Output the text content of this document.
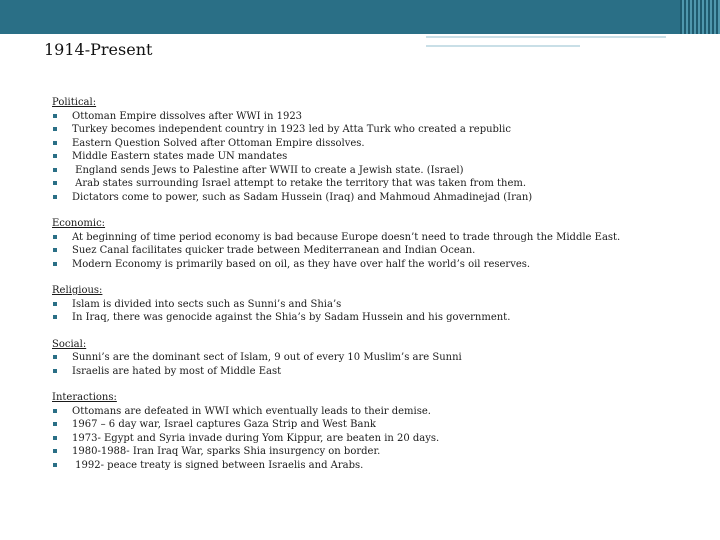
1914-Present
Political:
Ottoman Empire dissolves after WWI in 1923
Turkey becomes independent country in 1923 led by Atta Turk who created a republic
Eastern Question Solved after Ottoman Empire dissolves.
Middle Eastern states made UN mandates
England sends Jews to Palestine after WWII to create a Jewish state. (Israel)
Arab states surrounding Israel attempt to retake the territory that was taken from them.
Dictators come to power, such as Sadam Hussein (Iraq) and Mahmoud Ahmadinejad (Iran)
Economic:
At beginning of time period economy is bad because Europe doesn’t need to trade through the Middle East.
Suez Canal facilitates quicker trade between Mediterranean and Indian Ocean.
Modern Economy is primarily based on oil, as they have over half the world’s oil reserves.
Religious:
Islam is divided into sects such as Sunni’s and Shia’s
In Iraq, there was genocide against the Shia’s by Sadam Hussein and his government.
Social:
Sunni’s are the dominant sect of Islam, 9 out of every 10 Muslim’s are Sunni
Israelis are hated by most of Middle East
Interactions:
Ottomans are defeated in WWI which eventually leads to their demise.
1967 – 6 day war, Israel captures Gaza Strip and West Bank
1973- Egypt and Syria invade during Yom Kippur, are beaten in 20 days.
1980-1988- Iran Iraq War, sparks Shia insurgency on border.
1992- peace treaty is signed between Israelis and Arabs.
